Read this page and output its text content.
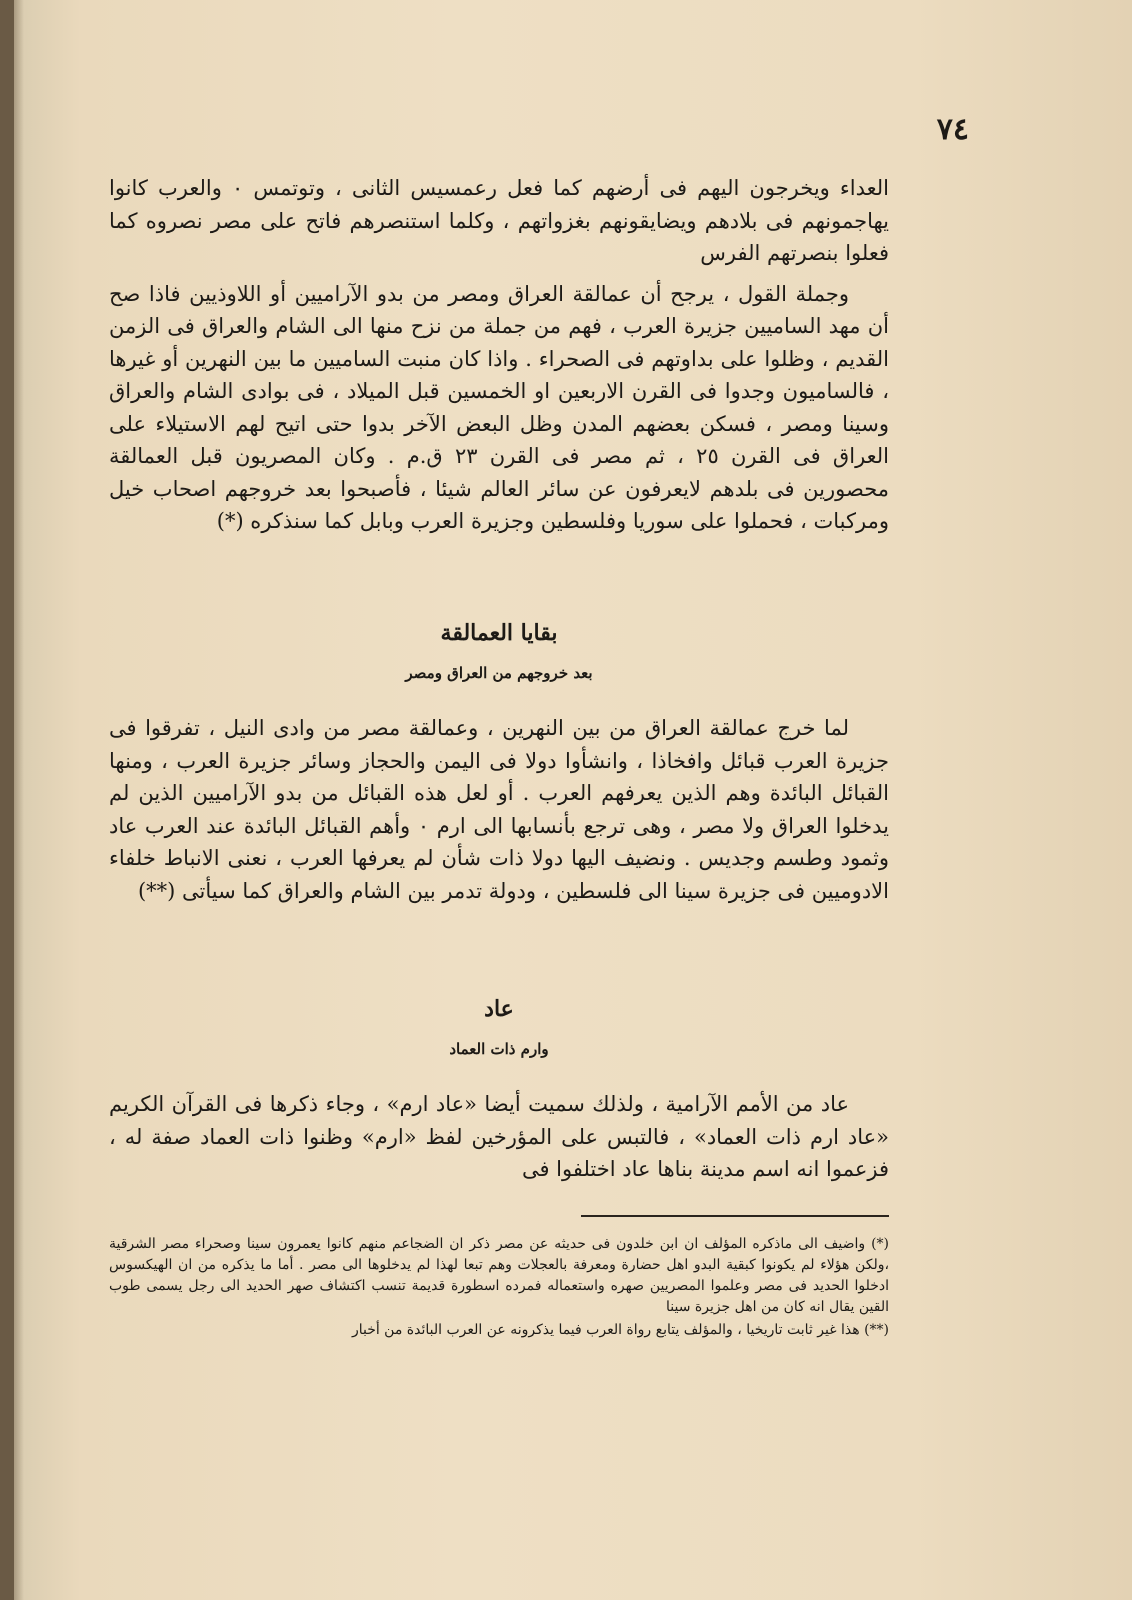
٧٤

العداء ويخرجون اليهم فى أرضهم كما فعل رعمسيس الثانى ، وتوتمس ٠ والعرب كانوا يهاجمونهم فى بلادهم ويضايقونهم بغزواتهم ، وكلما استنصرهم فاتح على مصر نصروه كما فعلوا بنصرتهم الفرس

وجملة القول ، يرجح أن عمالقة العراق ومصر من بدو الآراميين أو اللاوذيين فاذا صح أن مهد الساميين جزيرة العرب ، فهم من جملة من نزح منها الى الشام والعراق فى الزمن القديم ، وظلوا على بداوتهم فى الصحراء . واذا كان منبت الساميين ما بين النهرين أو غيرها ، فالساميون وجدوا فى القرن الاربعين او الخمسين قبل الميلاد ، فى بوادى الشام والعراق وسينا ومصر ، فسكن بعضهم المدن وظل البعض الآخر بدوا حتى اتيح لهم الاستيلاء على العراق فى القرن ٢٥ ، ثم مصر فى القرن ٢٣ ق.م . وكان المصريون قبل العمالقة محصورين فى بلدهم لايعرفون عن سائر العالم شيئا ، فأصبحوا بعد خروجهم اصحاب خيل ومركبات ، فحملوا على سوريا وفلسطين وجزيرة العرب وبابل كما سنذكره (*)

بقايا العمالقة
بعد خروجهم من العراق ومصر

لما خرج عمالقة العراق من بين النهرين ، وعمالقة مصر من وادى النيل ، تفرقوا فى جزيرة العرب قبائل وافخاذا ، وانشأوا دولا فى اليمن والحجاز وسائر جزيرة العرب ، ومنها القبائل البائدة وهم الذين يعرفهم العرب . أو لعل هذه القبائل من بدو الآراميين الذين لم يدخلوا العراق ولا مصر ، وهى ترجع بأنسابها الى ارم ٠ وأهم القبائل البائدة عند العرب عاد وثمود وطسم وجديس . ونضيف اليها دولا ذات شأن لم يعرفها العرب ، نعنى الانباط خلفاء الادوميين فى جزيرة سينا الى فلسطين ، ودولة تدمر بين الشام والعراق كما سيأتى (**)

عاد
وارم ذات العماد

عاد من الأمم الآرامية ، ولذلك سميت أيضا «عاد ارم» ، وجاء ذكرها فى القرآن الكريم «عاد ارم ذات العماد» ، فالتبس على المؤرخين لفظ «ارم» وظنوا ذات العماد صفة له ، فزعموا انه اسم مدينة بناها عاد اختلفوا فى

(*) واضيف الى ماذكره المؤلف ان ابن خلدون فى حديثه عن مصر ذكر ان الضجاعم منهم كانوا يعمرون سينا وصحراء مصر الشرقية ،ولكن هؤلاء لم يكونوا كبقية البدو اهل حضارة ومعرفة بالعجلات وهم تبعا لهذا لم يدخلوها الى مصر . أما ما يذكره من ان الهيكسوس ادخلوا الحديد فى مصر وعلموا المصريين صهره واستعماله فمرده اسطورة قديمة تنسب اكتشاف صهر الحديد الى رجل يسمى طوب القين يقال انه كان من اهل جزيرة سينا

(**) هذا غير ثابت تاريخيا ، والمؤلف يتابع رواة العرب فيما يذكرونه عن العرب البائدة من أخبار
